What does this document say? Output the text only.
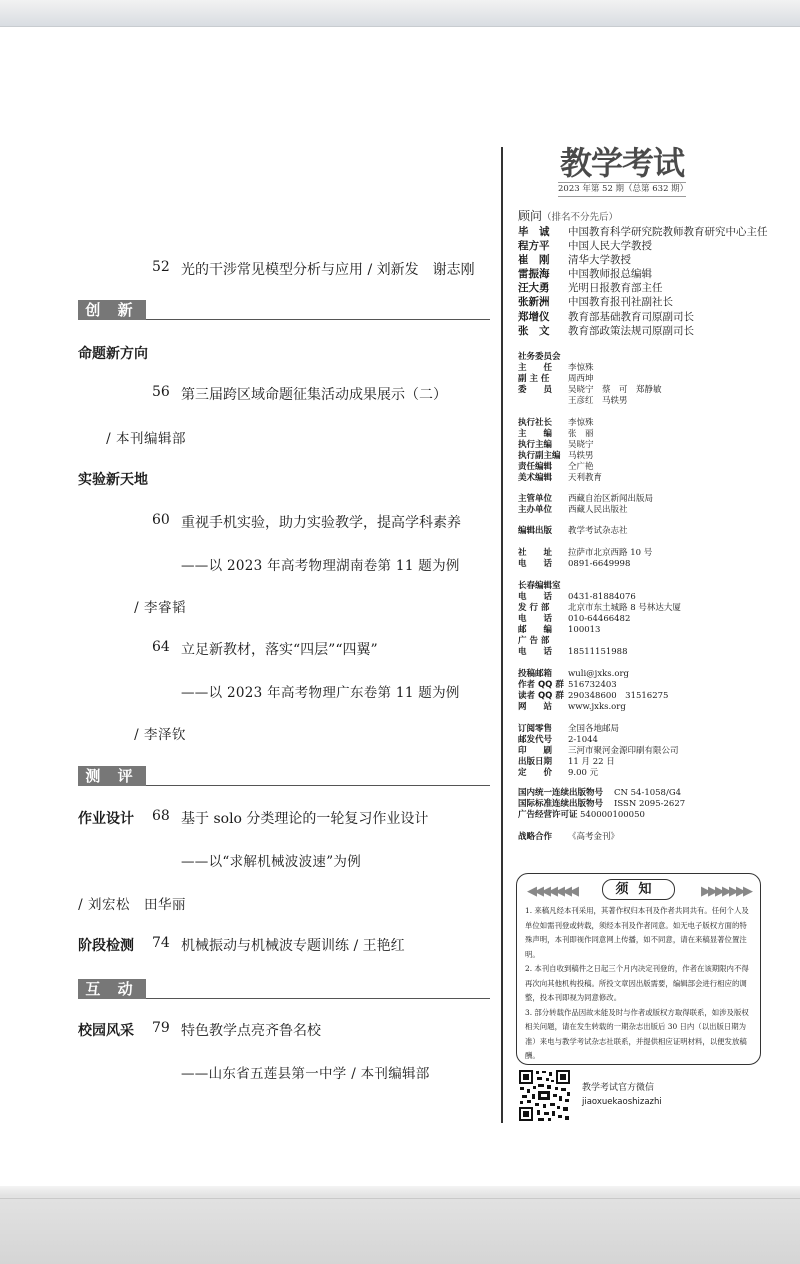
52 光的干涉常见模型分析与应用 / 刘新发　谢志刚
创 新
命题新方向
56 第三届跨区域命题征集活动成果展示（二）
/ 本刊编辑部
实验新天地
60 重视手机实验，助力实验教学，提高学科素养
——以 2023 年高考物理湖南卷第 11 题为例
/ 李睿韬
64 立足新教材，落实“四层”“四翼”
——以 2023 年高考物理广东卷第 11 题为例
/ 李泽钦
测 评
作业设计 68 基于 solo 分类理论的一轮复习作业设计
——以“求解机械波波速”为例
/ 刘宏松　田华丽
阶段检测 74 机械振动与机械波专题训练 / 王艳红
互 动
校园风采 79 特色教学点亮齐鲁名校
——山东省五莲县第一中学 / 本刊编辑部
教学考试
2023 年第 52 期（总第 632 期）
顾问（排名不分先后）
毕　诚 中国教育科学研究院教师教育研究中心主任
程方平 中国人民大学教授
崔　刚 清华大学教授
雷振海 中国教师报总编辑
汪大勇 光明日报教育部主任
张新洲 中国教育报刊社副社长
郑增仪 教育部基础教育司原副司长
张　文 教育部政策法规司原副司长
社务委员会
主　　任 李惊殊
副 主 任 周西坤
委　　员 吴晓宁　蔡　可　郑静敏
王彦红　马轶男
执行社长 李惊殊
主　　编 张　丽
执行主编 吴晓宁
执行副主编 马轶男
责任编辑 仝广艳
美术编辑 天利教育
主管单位 西藏自治区新闻出版局
主办单位 西藏人民出版社
编辑出版 教学考试杂志社
社　　址 拉萨市北京西路 10 号
电　　话 0891-6649998
长春编辑室
电　　话 0431-81884076
发 行 部 北京市东土城路 8 号林达大厦
电　　话 010-64466482
邮　　编 100013
广 告 部
电　　话 18511151988
投稿邮箱 wuli@jxks.org
作者 QQ 群 516732403
读者 QQ 群 290348600　31516275
网　　站 www.jxks.org
订阅零售 全国各地邮局
邮发代号 2-1044
印　　刷 三河市聚河金源印刷有限公司
出版日期 11 月 22 日
定　　价 9.00 元
国内统一连续出版物号 CN 54-1058/G4
国际标准连续出版物号 ISSN 2095-2627
广告经营许可证 540000100050
战略合作 《高考金刊》
◀◀◀◀◀◀◀	须知	▶▶▶▶▶▶▶

1. 来稿凡经本刊采用，其著作权归本刊及作者共同共有。任何个人及单位如需刊登或转载，须经本刊及作者同意。如无电子版权方面的特殊声明，本刊即视作同意网上传播，如不同意，请在来稿显著位置注明。

2. 本刊自收到稿件之日起三个月内决定刊登的，作者在该期限内不得再次向其他机构投稿。所投文章因出版需要，编辑部会进行相应的调整，投本刊即视为同意修改。

3. 部分转载作品因故未能及时与作者或版权方取得联系，如涉及版权相关问题，请在发生转载的一期杂志出版后 30 日内（以出版日期为准）来电与教学考试杂志社联系，并提供相应证明材料，以便发放稿酬。

教学考试官方微信
jiaoxuekaoshizazhi
